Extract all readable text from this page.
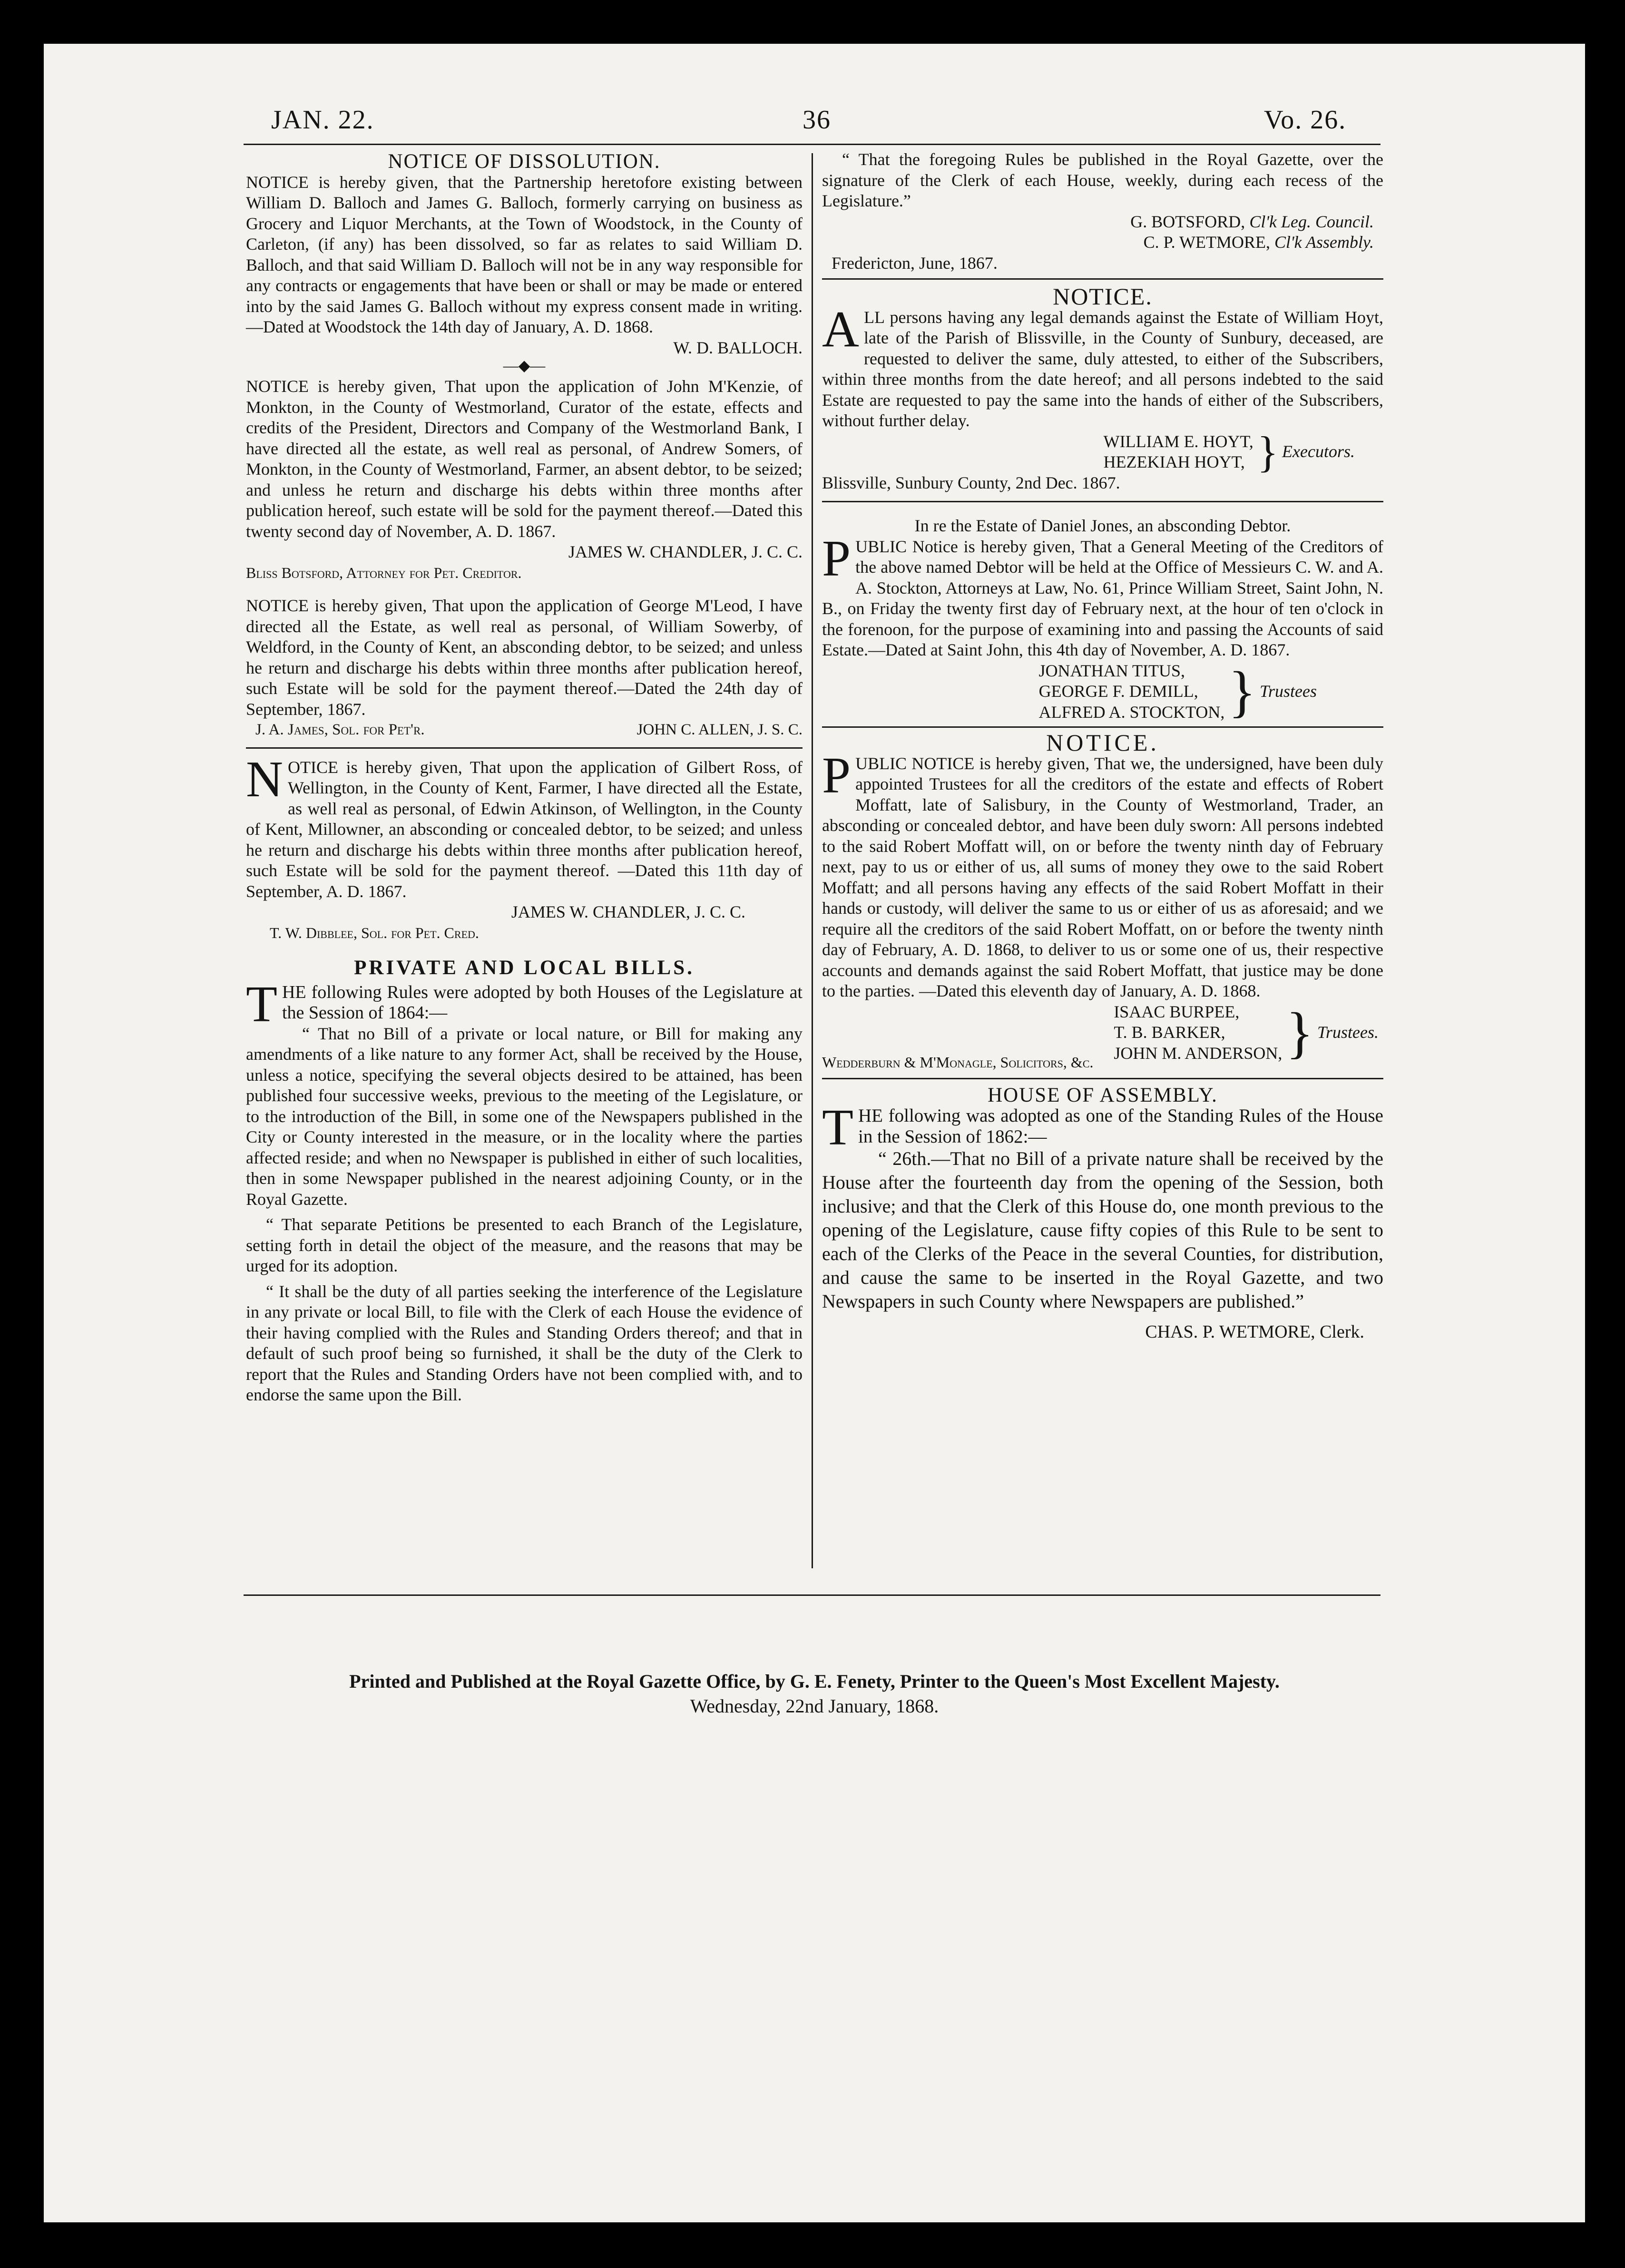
JAN. 22.	36	Vo. 26.

NOTICE OF DISSOLUTION.

NOTICE is hereby given, that the Partnership heretofore existing between William D. Balloch and James G. Balloch, formerly carrying on business as Grocery and Liquor Merchants, at the Town of Woodstock, in the County of Carleton, (if any) has been dissolved, so far as relates to said William D. Balloch, and that said William D. Balloch will not be in any way responsible for any contracts or engagements that have been or shall or may be made or entered into by the said James G. Balloch without my express consent made in writing.—Dated at Woodstock the 14th day of January, A. D. 1868.

W. D. BALLOCH.

—◆—

NOTICE is hereby given, That upon the application of John M'Kenzie, of Monkton, in the County of Westmorland, Curator of the estate, effects and credits of the President, Directors and Company of the Westmorland Bank, I have directed all the estate, as well real as personal, of Andrew Somers, of Monkton, in the County of Westmorland, Farmer, an absent debtor, to be seized; and unless he return and discharge his debts within three months after publication hereof, such estate will be sold for the payment thereof.—Dated this twenty second day of November, A. D. 1867.

JAMES W. CHANDLER, J. C. C.

Bliss Botsford, Attorney for Pet. Creditor.

NOTICE is hereby given, That upon the application of George M'Leod, I have directed all the Estate, as well real as personal, of William Sowerby, of Weldford, in the County of Kent, an absconding debtor, to be seized; and unless he return and discharge his debts within three months after publication hereof, such Estate will be sold for the payment thereof.—Dated the 24th day of September, 1867.

J. A. James, Sol. for Pet'r.	JOHN C. ALLEN, J. S. C.

NOTICE is hereby given, That upon the application of Gilbert Ross, of Wellington, in the County of Kent, Farmer, I have directed all the Estate, as well real as personal, of Edwin Atkinson, of Wellington, in the County of Kent, Millowner, an absconding or concealed debtor, to be seized; and unless he return and discharge his debts within three months after publication hereof, such Estate will be sold for the payment thereof. —Dated this 11th day of September, A. D. 1867.

JAMES W. CHANDLER, J. C. C.

T. W. Dibblee, Sol. for Pet. Cred.

PRIVATE AND LOCAL BILLS.

THE following Rules were adopted by both Houses of the Legislature at the Session of 1864:—

“ That no Bill of a private or local nature, or Bill for making any amendments of a like nature to any former Act, shall be received by the House, unless a notice, specifying the several objects desired to be attained, has been published four successive weeks, previous to the meeting of the Legislature, or to the introduction of the Bill, in some one of the Newspapers published in the City or County interested in the measure, or in the locality where the parties affected reside; and when no Newspaper is published in either of such localities, then in some Newspaper published in the nearest adjoining County, or in the Royal Gazette.

“ That separate Petitions be presented to each Branch of the Legislature, setting forth in detail the object of the measure, and the reasons that may be urged for its adoption.

“ It shall be the duty of all parties seeking the interference of the Legislature in any private or local Bill, to file with the Clerk of each House the evidence of their having complied with the Rules and Standing Orders thereof; and that in default of such proof being so furnished, it shall be the duty of the Clerk to report that the Rules and Standing Orders have not been complied with, and to endorse the same upon the Bill.

“ That the foregoing Rules be published in the Royal Gazette, over the signature of the Clerk of each House, weekly, during each recess of the Legislature.”

G. BOTSFORD, Cl'k Leg. Council.

C. P. WETMORE, Cl'k Assembly.

Fredericton, June, 1867.

NOTICE.

ALL persons having any legal demands against the Estate of William Hoyt, late of the Parish of Blissville, in the County of Sunbury, deceased, are requested to deliver the same, duly attested, to either of the Subscribers, within three months from the date hereof; and all persons indebted to the said Estate are requested to pay the same into the hands of either of the Subscribers, without further delay.

WILLIAM E. HOYT,
HEZEKIAH HOYT, } Executors.

Blissville, Sunbury County, 2nd Dec. 1867.

In re the Estate of Daniel Jones, an absconding Debtor.

PUBLIC Notice is hereby given, That a General Meeting of the Creditors of the above named Debtor will be held at the Office of Messieurs C. W. and A. A. Stockton, Attorneys at Law, No. 61, Prince William Street, Saint John, N. B., on Friday the twenty first day of February next, at the hour of ten o'clock in the forenoon, for the purpose of examining into and passing the Accounts of said Estate.—Dated at Saint John, this 4th day of November, A. D. 1867.

JONATHAN TITUS,
GEORGE F. DEMILL,
ALFRED A. STOCKTON, } Trustees

NOTICE.

PUBLIC NOTICE is hereby given, That we, the undersigned, have been duly appointed Trustees for all the creditors of the estate and effects of Robert Moffatt, late of Salisbury, in the County of Westmorland, Trader, an absconding or concealed debtor, and have been duly sworn: All persons indebted to the said Robert Moffatt will, on or before the twenty ninth day of February next, pay to us or either of us, all sums of money they owe to the said Robert Moffatt; and all persons having any effects of the said Robert Moffatt in their hands or custody, will deliver the same to us or either of us as aforesaid; and we require all the creditors of the said Robert Moffatt, on or before the twenty ninth day of February, A. D. 1868, to deliver to us or some one of us, their respective accounts and demands against the said Robert Moffatt, that justice may be done to the parties. —Dated this eleventh day of January, A. D. 1868.

ISAAC BURPEE,
T. B. BARKER,
JOHN M. ANDERSON, } Trustees.

Wedderburn & M'Monagle, Solicitors, &c.

HOUSE OF ASSEMBLY.

THE following was adopted as one of the Standing Rules of the House in the Session of 1862:—

“ 26th.—That no Bill of a private nature shall be received by the House after the fourteenth day from the opening of the Session, both inclusive; and that the Clerk of this House do, one month previous to the opening of the Legislature, cause fifty copies of this Rule to be sent to each of the Clerks of the Peace in the several Counties, for distribution, and cause the same to be inserted in the Royal Gazette, and two Newspapers in such County where Newspapers are published.”

CHAS. P. WETMORE, Clerk.

Printed and Published at the Royal Gazette Office, by G. E. Fenety, Printer to the Queen's Most Excellent Majesty.
Wednesday, 22nd January, 1868.
